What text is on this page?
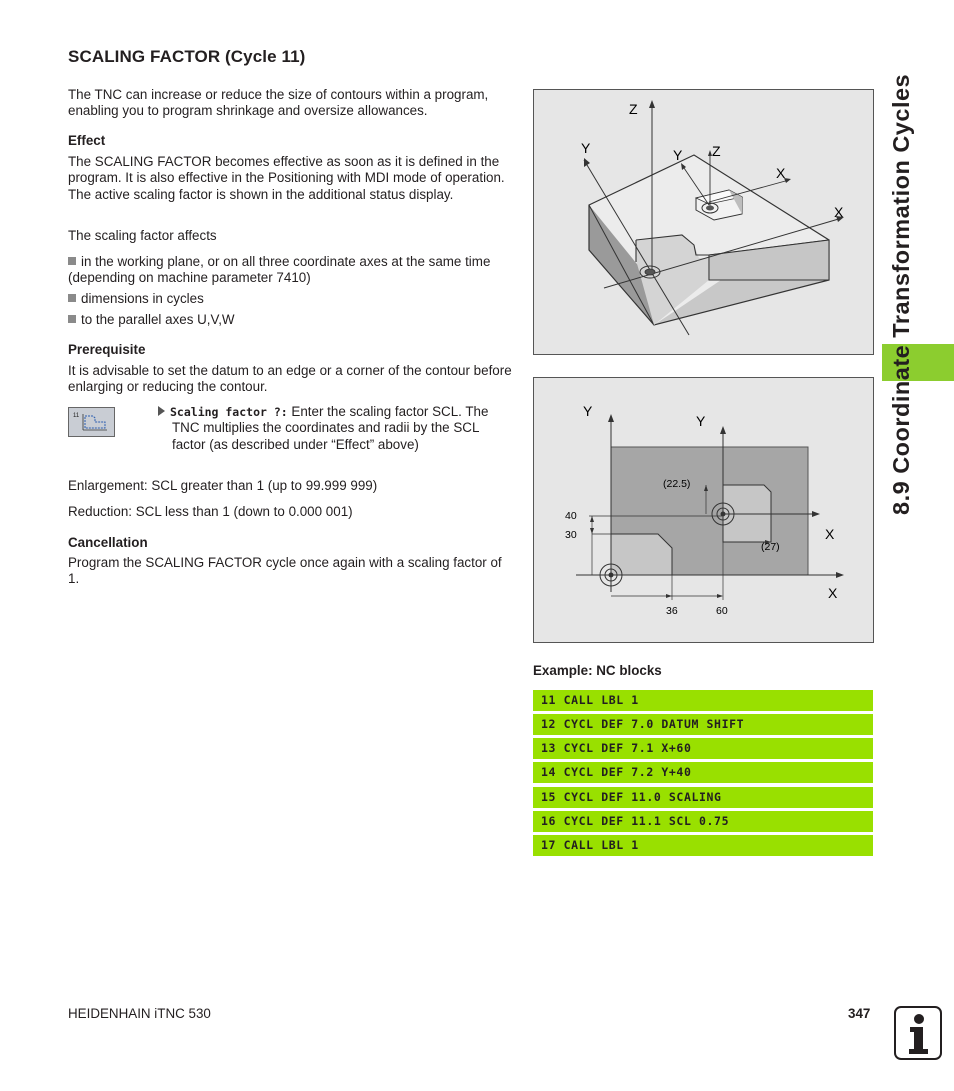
SCALING FACTOR (Cycle 11)

The TNC can increase or reduce the size of contours within a program, enabling you to program shrinkage and oversize allowances.

Effect

The SCALING FACTOR becomes effective as soon as it is defined in the program. It is also effective in the Positioning with MDI mode of operation. The active scaling factor is shown in the additional status display.

The scaling factor affects

in the working plane, or on all three coordinate axes at the same time (depending on machine parameter 7410)
dimensions in cycles
to the parallel axes U,V,W
Prerequisite

It is advisable to set the datum to an edge or a corner of the contour before enlarging or reducing the contour.

11	Scaling factor ?: Enter the scaling factor SCL. The
TNC multiplies the coordinates and radii by the SCL
factor (as described under “Effect” above)

Enlargement: SCL greater than 1 (up to 99.999 999)

Reduction: SCL less than 1 (down to 0.000 001)

Cancellation

Program the SCALING FACTOR cycle once again with a scaling factor of 1.

Z
Y	Y Z
X
X
Y
Y
X
X
(22.5)
40
30
(27)
36	60
Example: NC blocks
11 CALL LBL 1
12 CYCL DEF 7.0 DATUM SHIFT
13 CYCL DEF 7.1 X+60
14 CYCL DEF 7.2 Y+40
15 CYCL DEF 11.0 SCALING
16 CYCL DEF 11.1 SCL 0.75
17 CALL LBL 1
8.9 Coordinate Transformation Cycles
HEIDENHAIN iTNC 530	347
